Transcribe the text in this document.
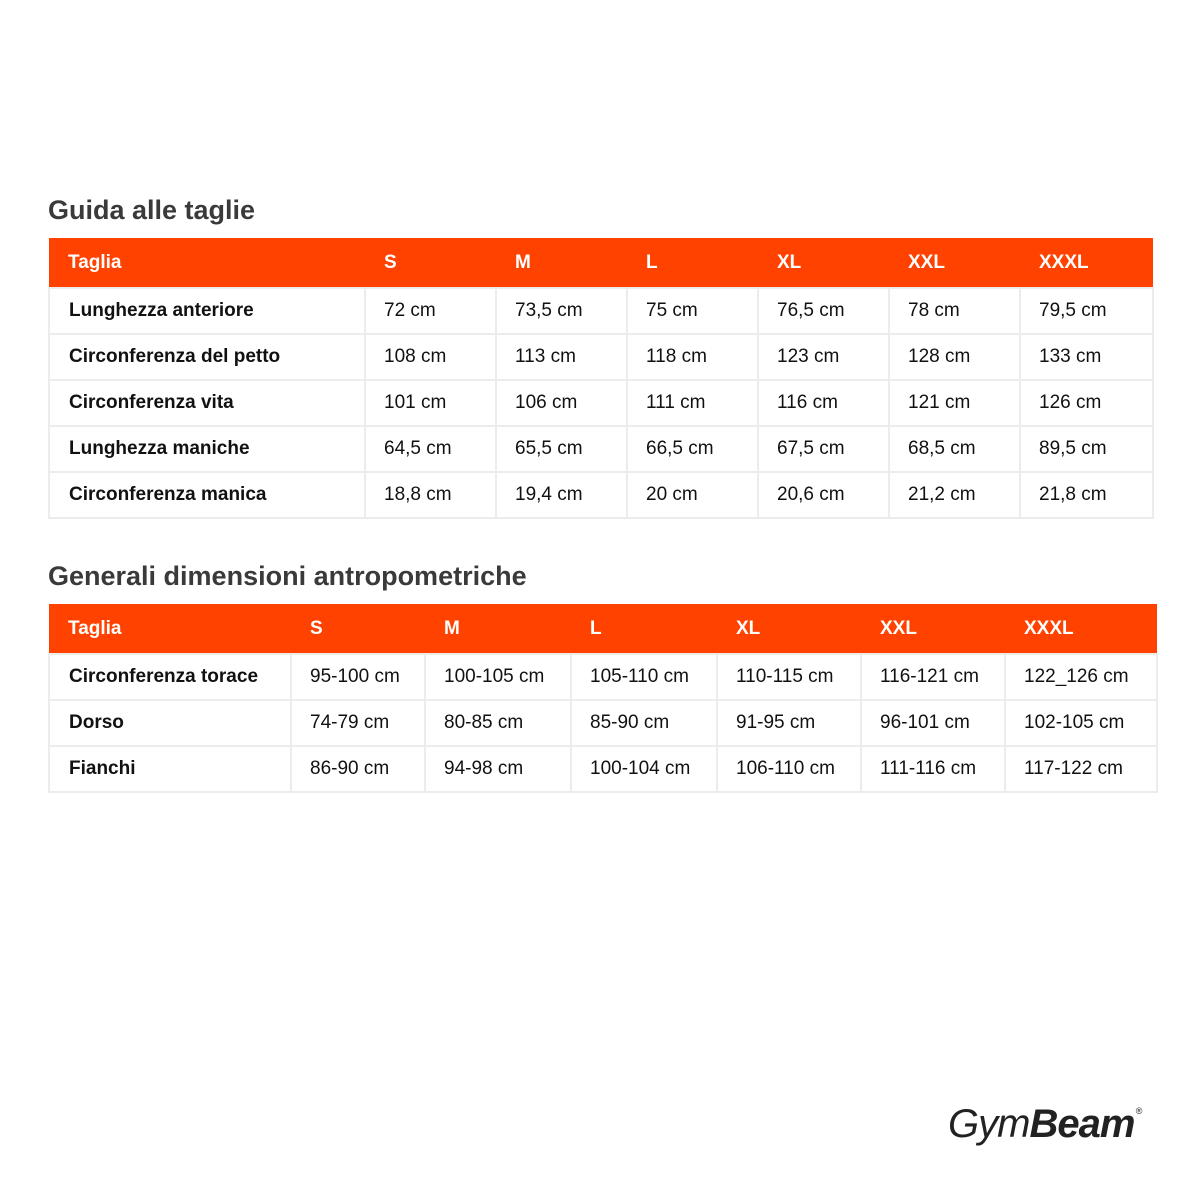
Guida alle taglie
Taglia	S	M	L	XL	XXL	XXXL
Lunghezza anteriore	72 cm	73,5 cm	75 cm	76,5 cm	78 cm	79,5 cm
Circonferenza del petto	108 cm	113 cm	118 cm	123 cm	128 cm	133 cm
Circonferenza vita	101 cm	106 cm	111 cm	116 cm	121 cm	126 cm
Lunghezza maniche	64,5 cm	65,5 cm	66,5 cm	67,5 cm	68,5 cm	89,5 cm
Circonferenza manica	18,8 cm	19,4 cm	20 cm	20,6 cm	21,2 cm	21,8 cm
Generali dimensioni antropometriche
Taglia	S	M	L	XL	XXL	XXXL
Circonferenza torace	95-100 cm	100-105 cm	105-110 cm	110-115 cm	116-121 cm	122_126 cm
Dorso	74-79 cm	80-85 cm	85-90 cm	91-95 cm	96-101 cm	102-105 cm
Fianchi	86-90 cm	94-98 cm	100-104 cm	106-110 cm	111-116 cm	117-122 cm
GymBeam ®
